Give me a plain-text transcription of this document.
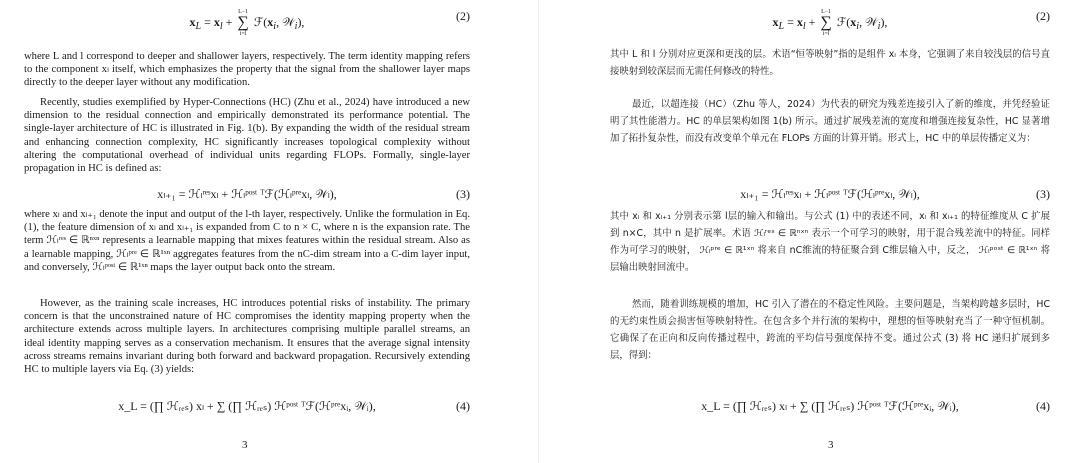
$x_L = x_l$ +
L−1
∑
i=l
$ℱ(x_i$, 𝒲$_i$),	(2)

where L and l correspond to deeper and shallower layers, respectively. The term identity mapping refers to the component xₗ itself, which emphasizes the property that the signal from the shallower layer maps directly to the deeper layer without any modification.

Recently, studies exemplified by Hyper-Connections (HC) (Zhu et al., 2024) have introduced a new dimension to the residual connection and empirically demonstrated its performance potential. The single-layer architecture of HC is illustrated in Fig. 1(b). By expanding the width of the residual stream and enhancing connection complexity, HC significantly increases topological complexity without altering the computational overhead of individual units regarding FLOPs. Formally, single-layer propagation in HC is defined as:

xₗ₊₁ = ℋₗʳᵉˢxₗ + ℋₗᵖᵒˢᵗ ᵀℱ(ℋₗᵖʳᵉxₗ, 𝒲ₗ),	(3)

where xₗ and xₗ₊₁ denote the input and output of the l-th layer, respectively. Unlike the formulation in Eq. (1), the feature dimension of xₗ and xₗ₊₁ is expanded from C to n × C, where n is the expansion rate. The term ℋₗʳᵉˢ ∈ ℝⁿˣⁿ represents a learnable mapping that mixes features within the residual stream. Also as a learnable mapping, ℋₗᵖʳᵉ ∈ ℝ¹ˣⁿ aggregates features from the nC-dim stream into a C-dim layer input, and conversely, ℋₗᵖᵒˢᵗ ∈ ℝ¹ˣⁿ maps the layer output back onto the stream.

However, as the training scale increases, HC introduces potential risks of instability. The primary concern is that the unconstrained nature of HC compromises the identity mapping property when the architecture extends across multiple layers. In architectures comprising multiple parallel streams, an ideal identity mapping serves as a conservation mechanism. It ensures that the average signal intensity across streams remains invariant during both forward and backward propagation. Recursively extending HC to multiple layers via Eq. (3) yields:

x_L = (∏ ℋᵣₑₛ) xₗ + ∑ (∏ ℋᵣₑₛ) ℋᵖᵒˢᵗ ᵀℱ(ℋᵖʳᵉxᵢ, 𝒲ᵢ),	(4)
3
$x_L = x_l$ +
L−1
∑
i=l
$ℱ(x_i$, 𝒲$_i$),	(2)

其中 L 和 l 分别对应更深和更浅的层。术语“恒等映射”指的是组件 xₗ 本身，它强调了来自较浅层的信号直接映射到较深层而无需任何修改的特性。

最近，以超连接（HC）（Zhu 等人，2024）为代表的研究为残差连接引入了新的维度，并凭经验证明了其性能潜力。HC 的单层架构如图 1(b) 所示。通过扩展残差流的宽度和增强连接复杂性，HC 显著增加了拓扑复杂性，而没有改变单个单元在 FLOPs 方面的计算开销。形式上，HC 中的单层传播定义为：

xₗ₊₁ = ℋₗʳᵉˢxₗ + ℋₗᵖᵒˢᵗ ᵀℱ(ℋₗᵖʳᵉxₗ, 𝒲ₗ),	(3)

其中 xₗ 和 xₗ₊₁ 分别表示第 l层的输入和输出。与公式 (1) 中的表述不同，xₗ 和 xₗ₊₁ 的特征维度从 C 扩展到 n×C，其中 n 是扩展率。术语 ℋₗʳᵉˢ ∈ ℝⁿˣⁿ 表示一个可学习的映射，用于混合残差流中的特征。同样作为可学习的映射， ℋₗᵖʳᵉ ∈ ℝ¹ˣⁿ 将来自 nC维流的特征聚合到 C维层输入中，反之， ℋₗᵖᵒˢᵗ ∈ ℝ¹ˣⁿ 将层输出映射回流中。

然而，随着训练规模的增加，HC 引入了潜在的不稳定性风险。主要问题是，当架构跨越多层时，HC 的无约束性质会损害恒等映射特性。在包含多个并行流的架构中，理想的恒等映射充当了一种守恒机制。它确保了在正向和反向传播过程中，跨流的平均信号强度保持不变。通过公式 (3) 将 HC 递归扩展到多层，得到：

x_L = (∏ ℋᵣₑₛ) xₗ + ∑ (∏ ℋᵣₑₛ) ℋᵖᵒˢᵗ ᵀℱ(ℋᵖʳᵉxᵢ, 𝒲ᵢ),	(4)
3
